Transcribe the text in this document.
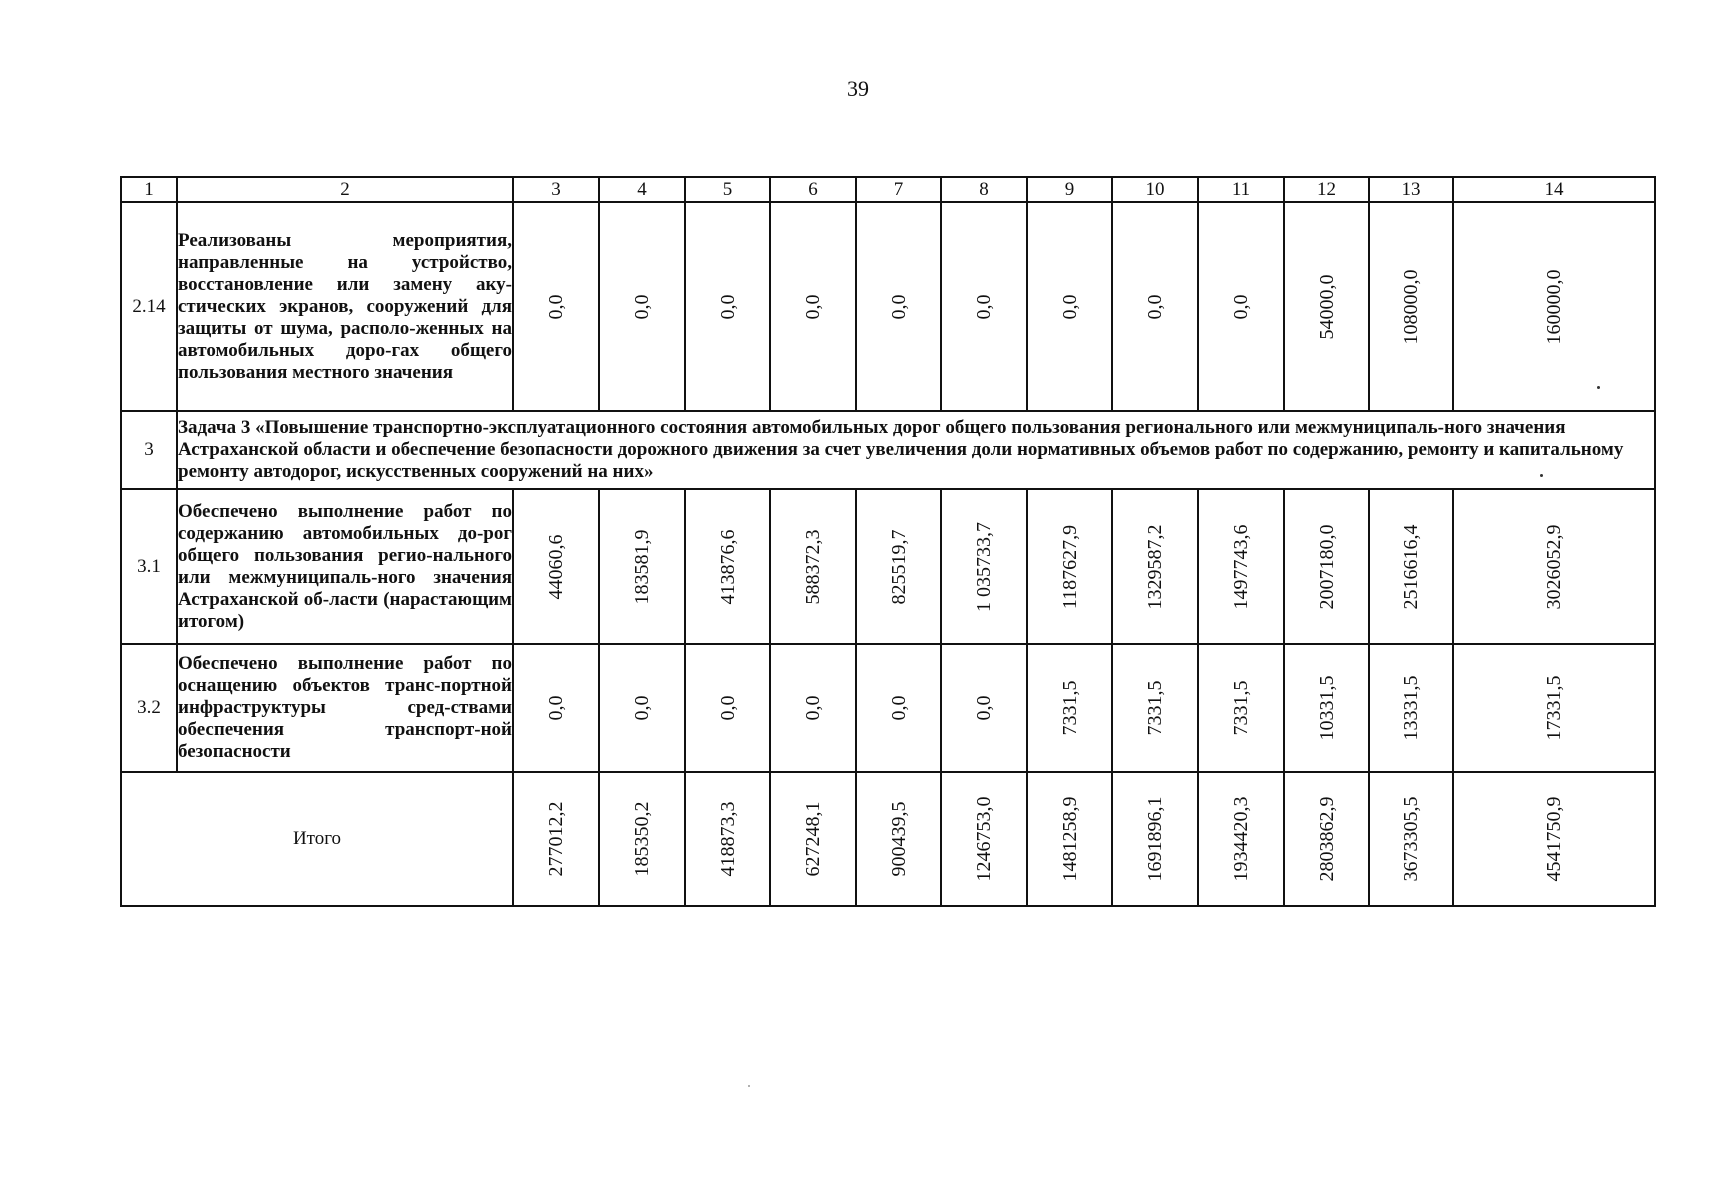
39
1	2	3	4	5	6	7	8	9	10	11	12	13	14
2.14	Реализованы мероприятия, направленные на устройство, восстановление или замену аку-стических экранов, сооружений для защиты от шума, располо-женных на автомобильных доро-гах общего пользования местного значения	0,0	0,0	0,0	0,0	0,0	0,0	0,0	0,0	0,0	54000,0	108000,0	160000,0

3	Задача 3 «Повышение транспортно-эксплуатационного состояния автомобильных дорог общего пользования регионального или межмуниципаль-ного значения Астраханской области и обеспечение безопасности дорожного движения за счет увеличения доли нормативных объемов работ по содержанию, ремонту и капитальному ремонту автодорог, искусственных сооружений на них»												
3.1	Обеспечено выполнение работ по содержанию автомобильных до-рог общего пользования регио-нального или межмуниципаль-ного значения Астраханской об-ласти (нарастающим итогом)	44060,6	183581,9	413876,6	588372,3	825519,7	1 035733,7	1187627,9	1329587,2	1497743,6	2007180,0	2516616,4	3026052,9

3.2	Обеспечено выполнение работ по оснащению объектов транс-портной инфраструктуры сред-ствами обеспечения транспорт-ной безопасности	0,0	0,0	0,0	0,0	0,0	0,0	7331,5	7331,5	7331,5	10331,5	13331,5	17331,5

Итого		277012,2	185350,2	418873,3	627248,1	900439,5	1246753,0	1481258,9	1691896,1	1934420,3	2803862,9	3673305,5	4541750,9
